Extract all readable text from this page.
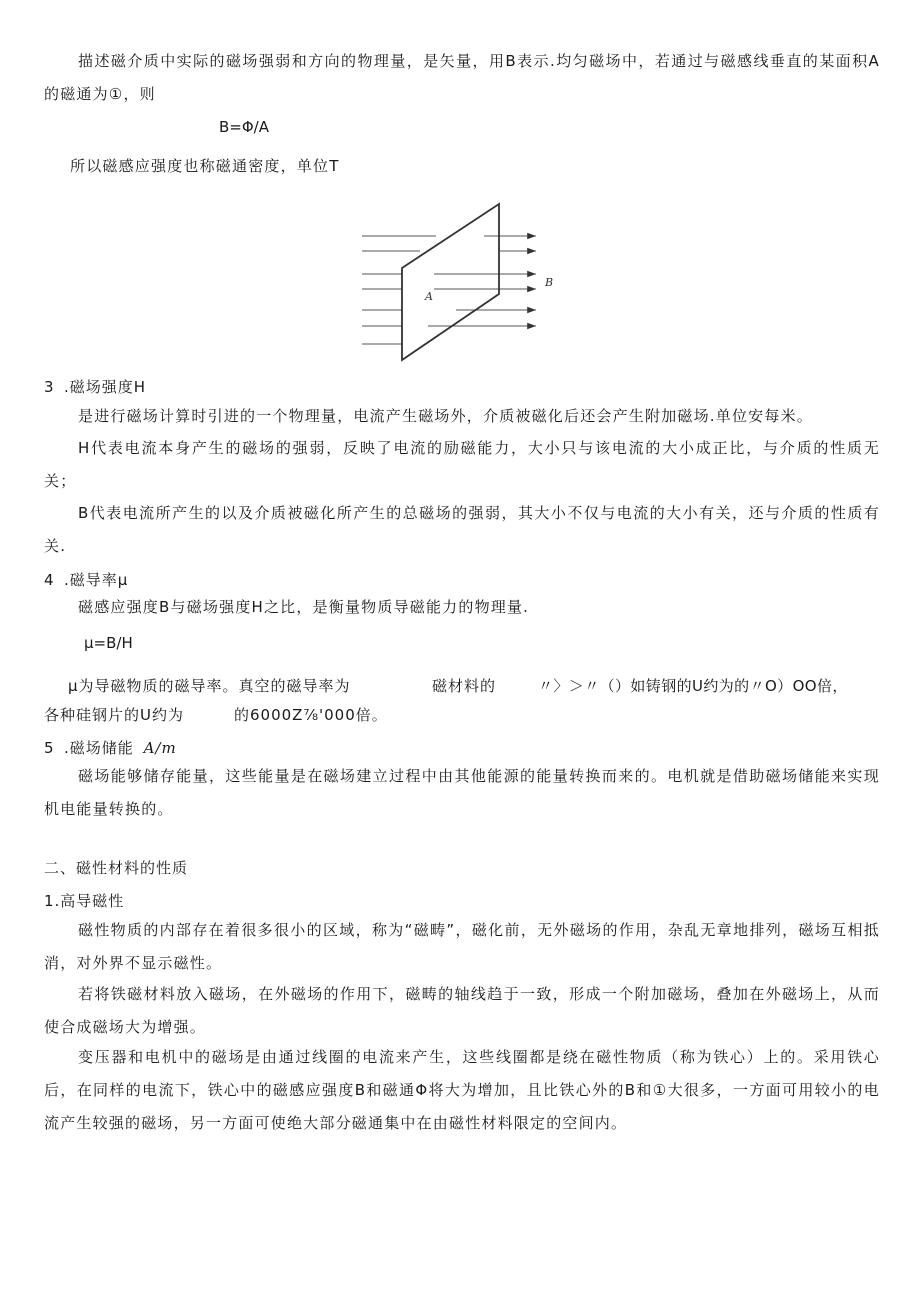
描述磁介质中实际的磁场强弱和方向的物理量，是矢量，用B表示.均匀磁场中，若通过与磁感线垂直的某面积A的磁通为①，则

B=Φ/A

所以磁感应强度也称磁通密度，单位T

A
B
3 .磁场强度H

是进行磁场计算时引进的一个物理量，电流产生磁场外，介质被磁化后还会产生附加磁场.单位安每米。

H代表电流本身产生的磁场的强弱，反映了电流的励磁能力，大小只与该电流的大小成正比，与介质的性质无关；

B代表电流所产生的以及介质被磁化所产生的总磁场的强弱，其大小不仅与电流的大小有关，还与介质的性质有关.

4 .磁导率μ

磁感应强度B与磁场强度H之比，是衡量物质导磁能力的物理量.

μ=B/H

μ为导磁物质的磁导率。真空的磁导率为	磁材料的	〃〉＞〃（）如铸钢的U约为的〃O）OO倍，

各种硅钢片的U约为	的6000Z⅞'000倍。

5 .磁场储能 A∕m

磁场能够储存能量，这些能量是在磁场建立过程中由其他能源的能量转换而来的。电机就是借助磁场储能来实现机电能量转换的。

二、磁性材料的性质

1.高导磁性

磁性物质的内部存在着很多很小的区域，称为“磁畴”，磁化前，无外磁场的作用，杂乱无章地排列，磁场互相抵消，对外界不显示磁性。

若将铁磁材料放入磁场，在外磁场的作用下，磁畴的轴线趋于一致，形成一个附加磁场，叠加在外磁场上，从而使合成磁场大为增强。

变压器和电机中的磁场是由通过线圈的电流来产生，这些线圈都是绕在磁性物质（称为铁心）上的。采用铁心后，在同样的电流下，铁心中的磁感应强度B和磁通Φ将大为增加，且比铁心外的B和①大很多，一方面可用较小的电流产生较强的磁场，另一方面可使绝大部分磁通集中在由磁性材料限定的空间内。
